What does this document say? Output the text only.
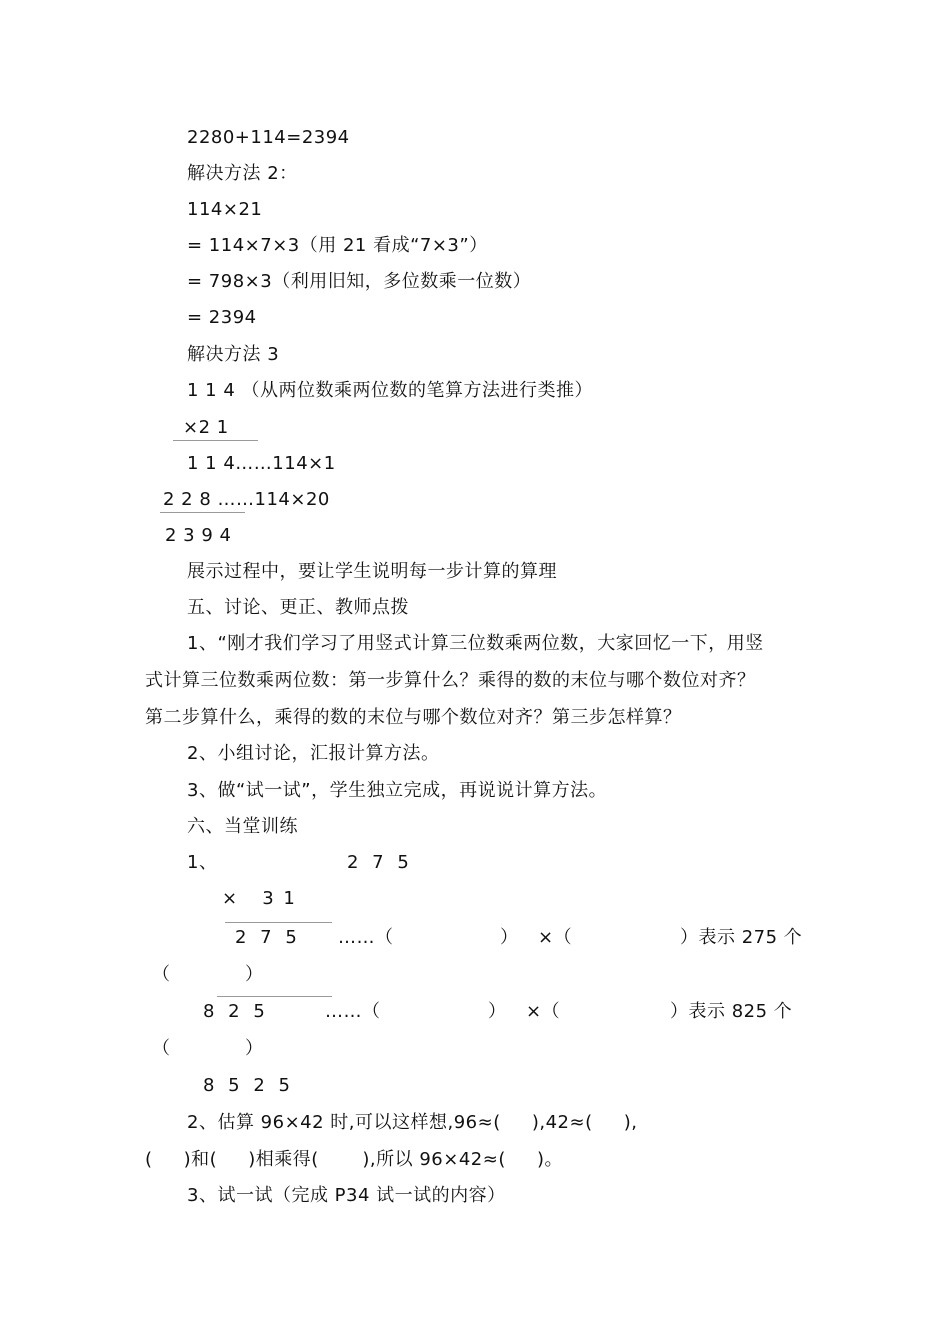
2280+114=2394
解决方法 2：
114×21
= 114×7×3（用 21 看成“7×3”）
= 798×3（利用旧知，多位数乘一位数）
= 2394
解决方法 3
1 1 4 （从两位数乘两位数的笔算方法进行类推）
×2 1
1 1 4……114×1
2 2 8 ……114×20
2 3 9 4
展示过程中，要让学生说明每一步计算的算理
五、讨论、更正、教师点拨
1、“刚才我们学习了用竖式计算三位数乘两位数，大家回忆一下，用竖
式计算三位数乘两位数：第一步算什么？乘得的数的末位与哪个数位对齐？
第二步算什么，乘得的数的末位与哪个数位对齐？第三步怎样算？
2、小组讨论，汇报计算方法。
3、做“试一试”，学生独立完成，再说说计算方法。
六、当堂训练
1、	2 7 5
×   3 1
2 7 5 ……（	） ×（	）表示 275 个
（	）
8 2 5	……（	） ×（	）表示 825 个
（	）
8 5 2 5
2、估算 96×42 时,可以这样想,96≈(     ),42≈(     ),
(     )和(     )相乘得(       ),所以 96×42≈(     )。
3、试一试（完成 P34 试一试的内容）
